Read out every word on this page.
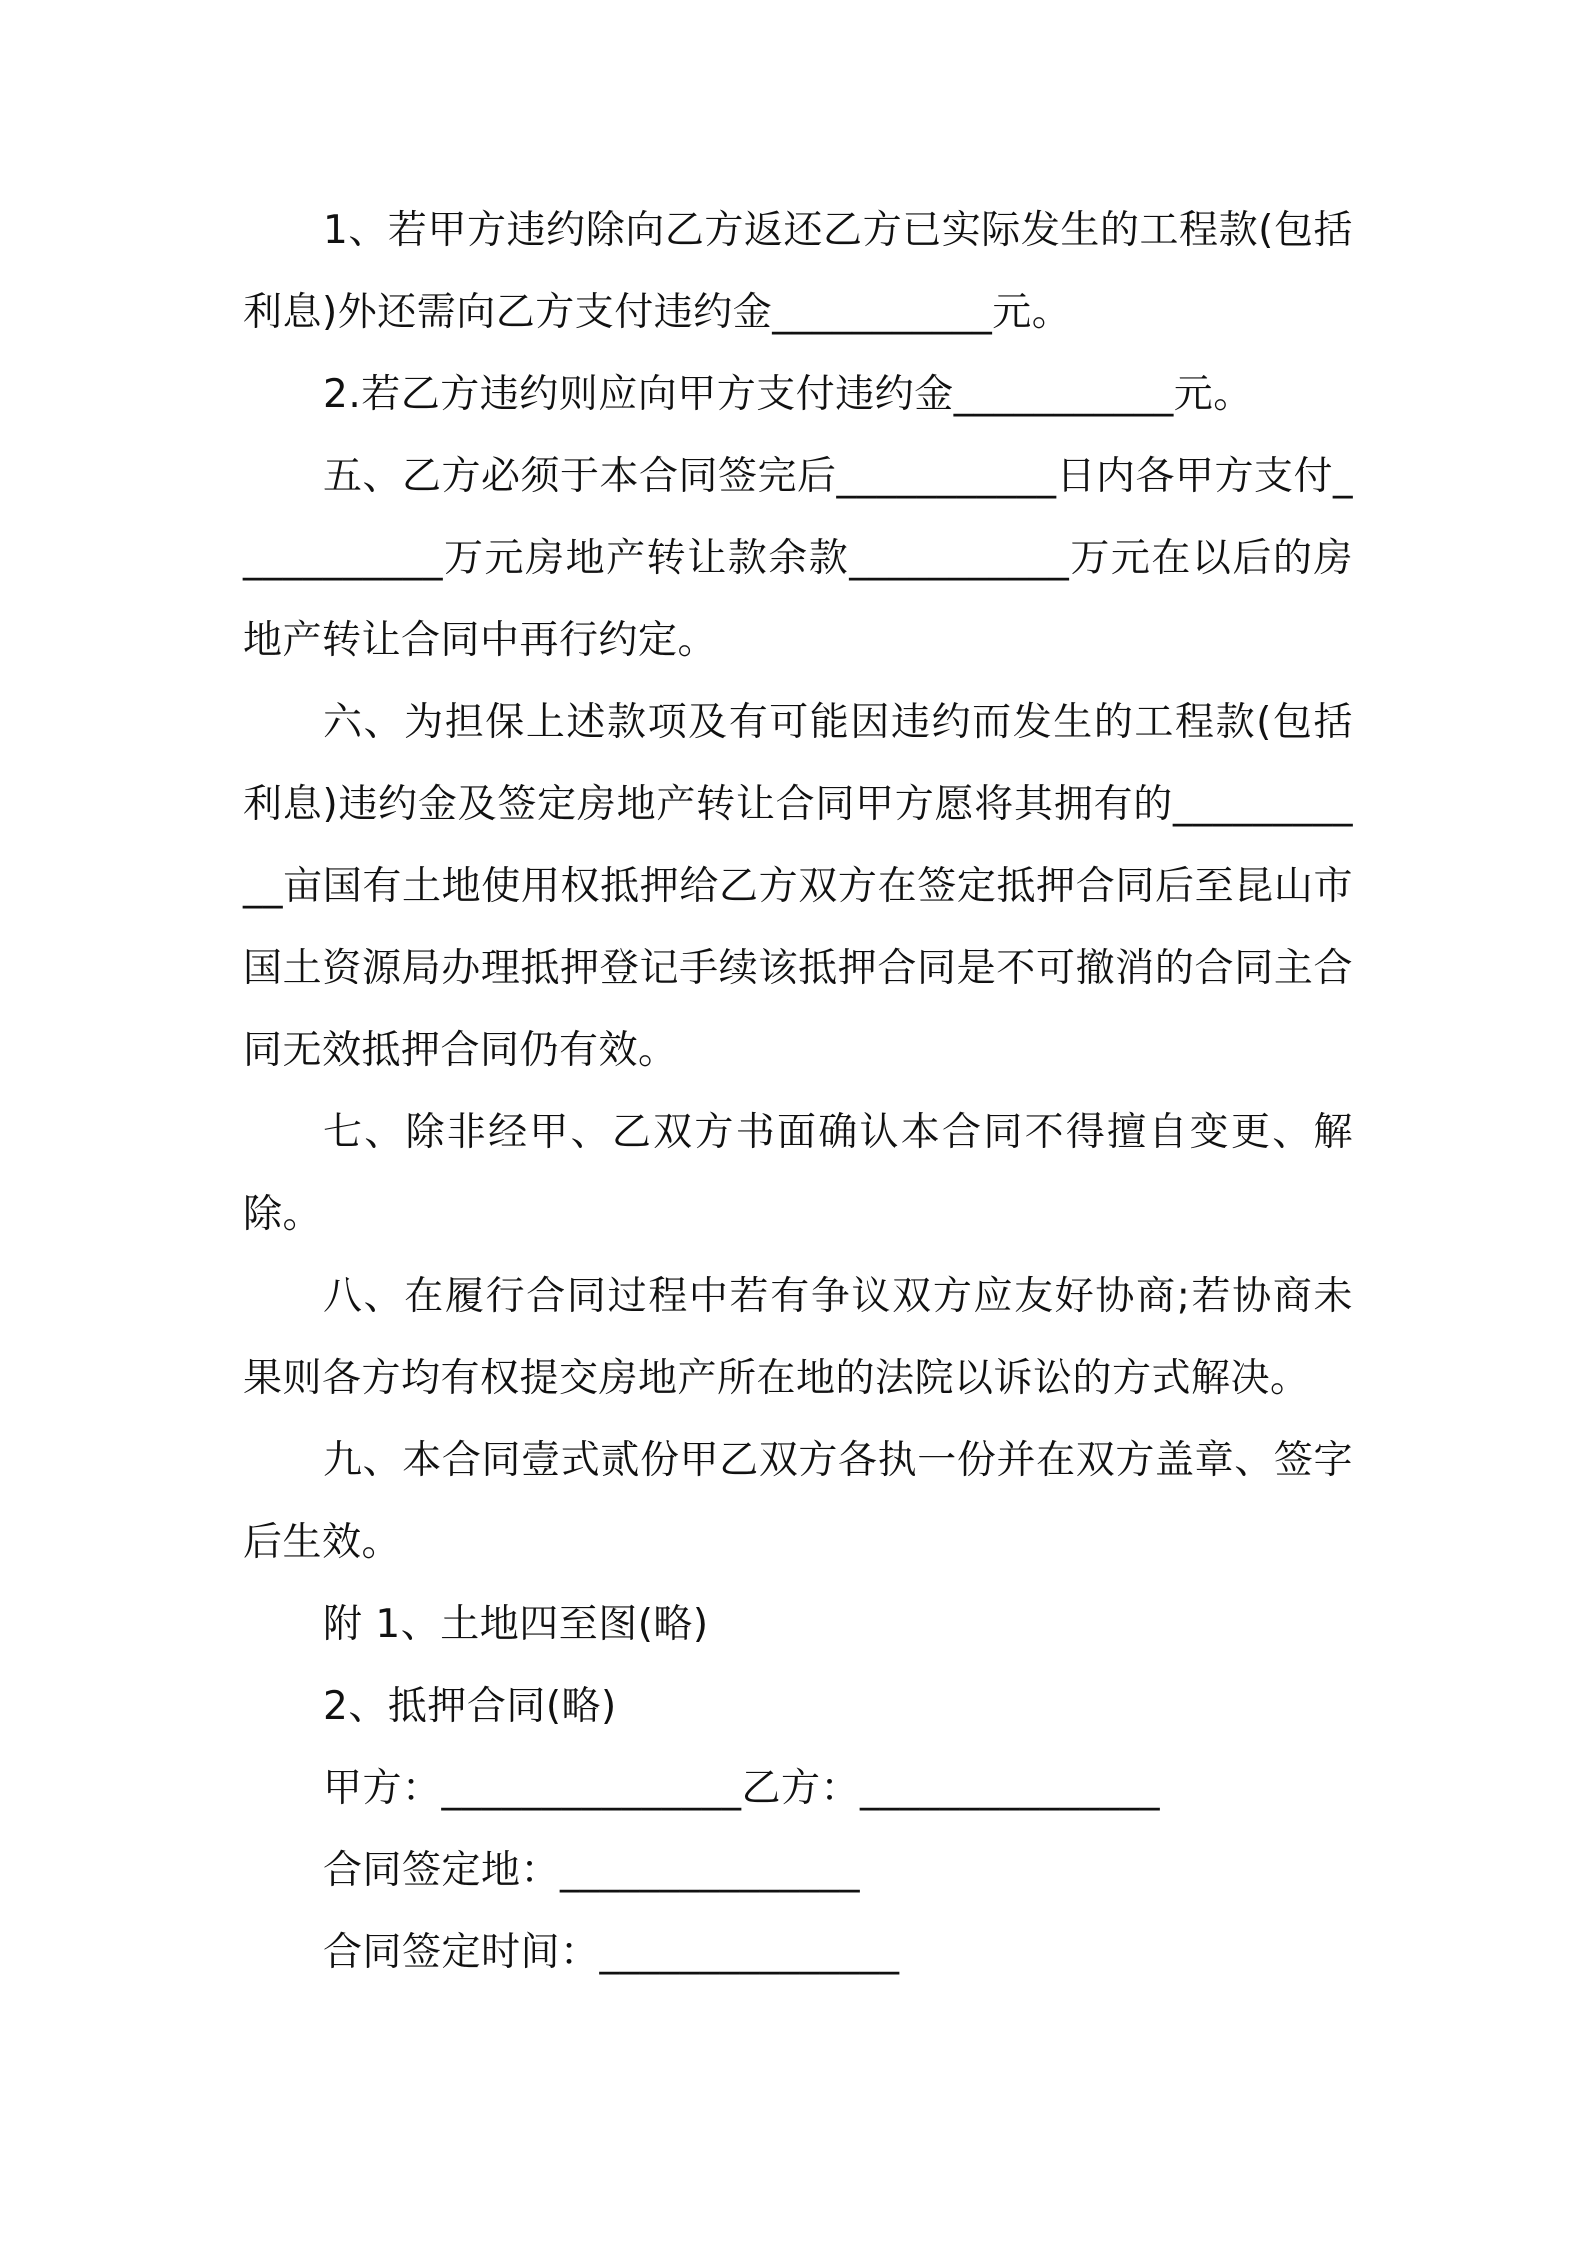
1、若甲方违约除向乙方返还乙方已实际发生的工程款(包括利息)外还需向乙方支付违约金___________元。

2.若乙方违约则应向甲方支付违约金___________元。

五、乙方必须于本合同签完后___________日内各甲方支付___________万元房地产转让款余款___________万元在以后的房地产转让合同中再行约定。

六、为担保上述款项及有可能因违约而发生的工程款(包括利息)违约金及签定房地产转让合同甲方愿将其拥有的___________亩国有土地使用权抵押给乙方双方在签定抵押合同后至昆山市国土资源局办理抵押登记手续该抵押合同是不可撤消的合同主合同无效抵押合同仍有效。

七、除非经甲、乙双方书面确认本合同不得擅自变更、解除。

八、在履行合同过程中若有争议双方应友好协商;若协商未果则各方均有权提交房地产所在地的法院以诉讼的方式解决。

九、本合同壹式贰份甲乙双方各执一份并在双方盖章、签字后生效。

附 1、土地四至图(略)

2、抵押合同(略)

甲方：_______________乙方：_______________

合同签定地：_______________

合同签定时间：_______________
